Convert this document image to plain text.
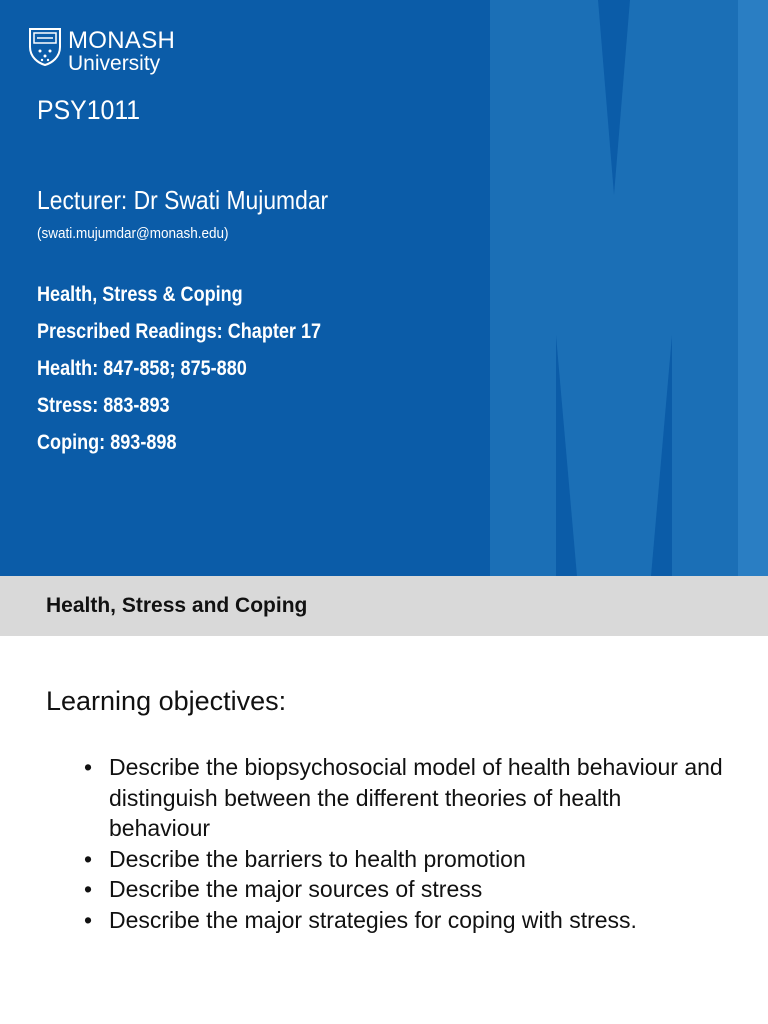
MONASH
University
PSY1011
Lecturer: Dr Swati Mujumdar
(swati.mujumdar@monash.edu)
Health, Stress & Coping
Prescribed Readings: Chapter 17
Health: 847-858; 875-880
Stress: 883-893
Coping: 893-898
Health, Stress and Coping
Learning objectives:
• Describe the biopsychosocial model of health behaviour and distinguish between the different theories of health behaviour
• Describe the barriers to health promotion
• Describe the major sources of stress
• Describe the major strategies for coping with stress.
